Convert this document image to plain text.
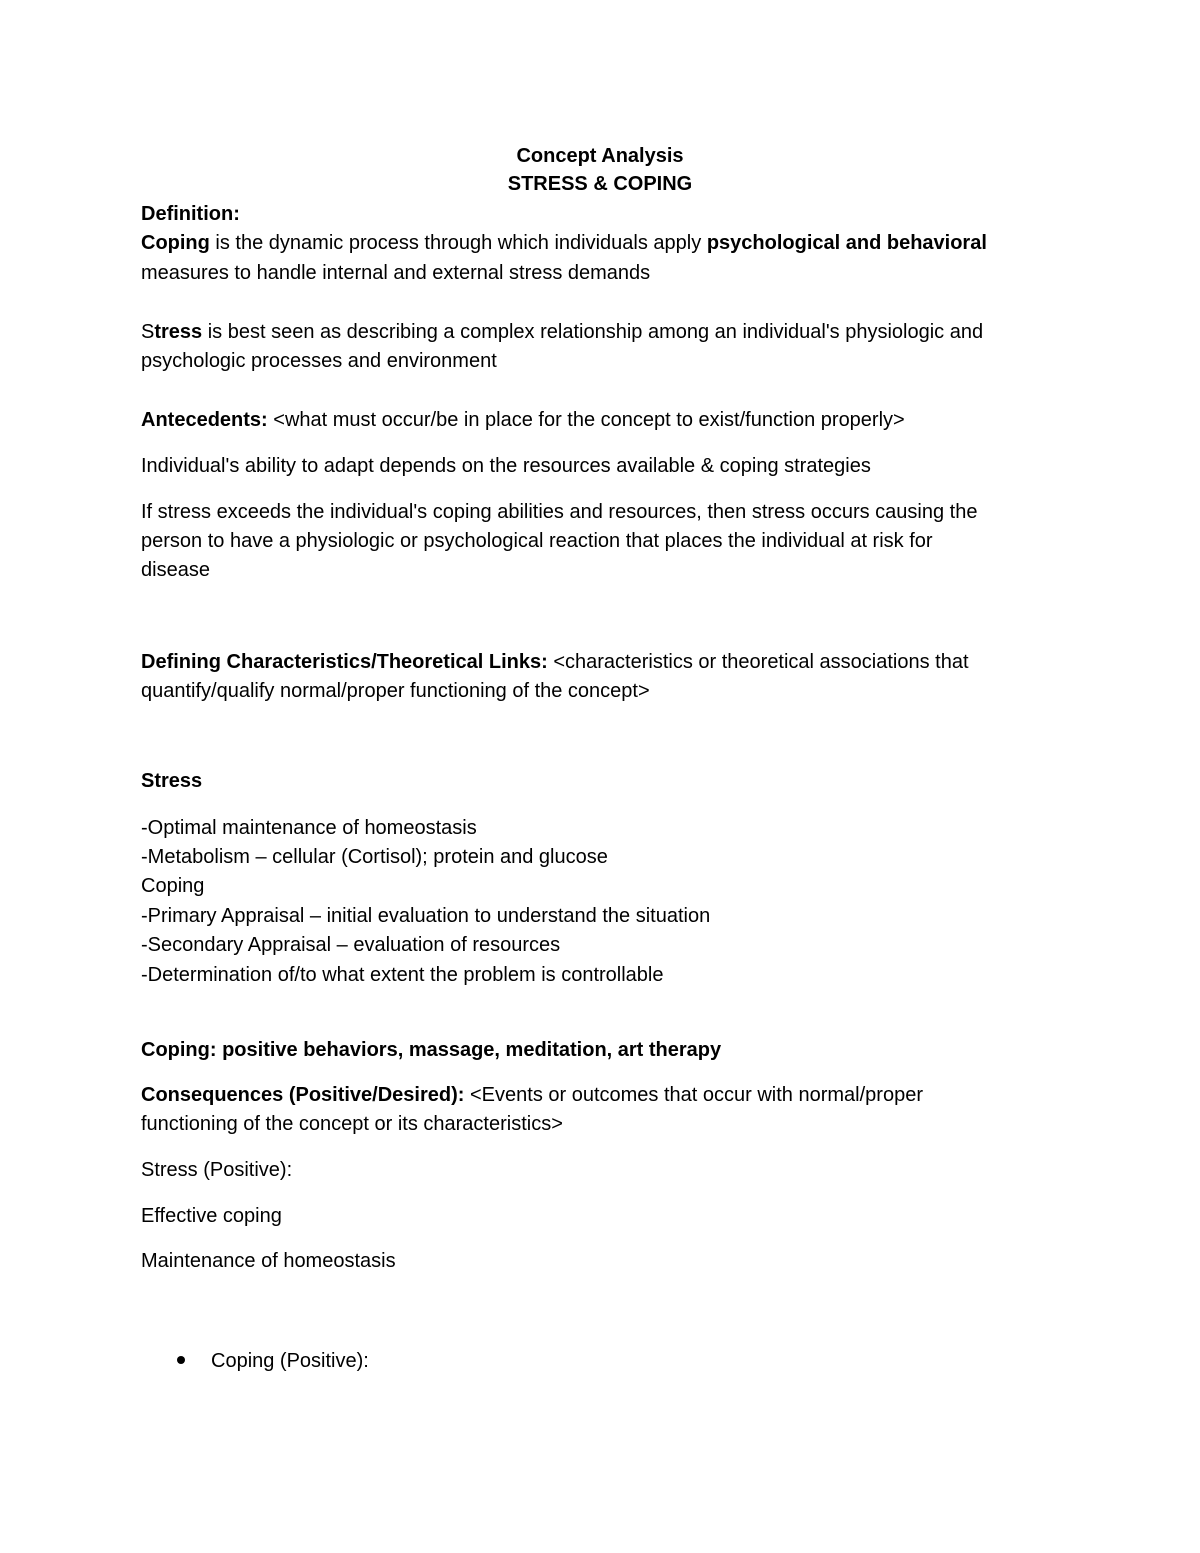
Concept Analysis
STRESS & COPING
Definition:
Coping is the dynamic process through which individuals apply psychological and behavioral
measures to handle internal and external stress demands
Stress is best seen as describing a complex relationship among an individual's physiologic and
psychologic processes and environment
Antecedents: <what must occur/be in place for the concept to exist/function properly>
Individual's ability to adapt depends on the resources available & coping strategies
If stress exceeds the individual's coping abilities and resources, then stress occurs causing the
person to have a physiologic or psychological reaction that places the individual at risk for
disease
Defining Characteristics/Theoretical Links: <characteristics or theoretical associations that
quantify/qualify normal/proper functioning of the concept>
Stress
-Optimal maintenance of homeostasis
-Metabolism – cellular (Cortisol); protein and glucose
Coping
-Primary Appraisal – initial evaluation to understand the situation
-Secondary Appraisal – evaluation of resources
-Determination of/to what extent the problem is controllable
Coping: positive behaviors, massage, meditation, art therapy
Consequences (Positive/Desired): <Events or outcomes that occur with normal/proper
functioning of the concept or its characteristics>
Stress (Positive):
Effective coping
Maintenance of homeostasis
Coping (Positive):
